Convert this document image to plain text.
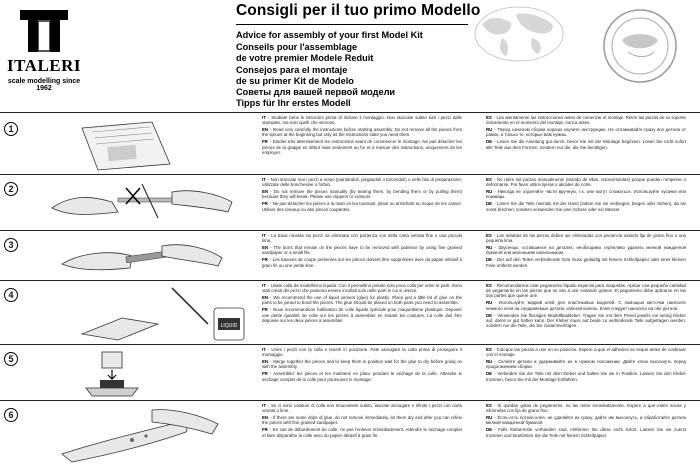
ITALERI
scale modelling since 1962
Consigli per il tuo primo Modello
Advice for assembly of your first Model Kit
Conseils pour l'assemblage
de votre premier Modele Reduit
Consejos para el montaje
de su primer Kit de Modelo
Советы для вашей первой модели
Tipps für Ihr erstes Modell
1
IT - Studiate bene le istruzioni prima di iniziare il montaggio. Non staccate subito tutti i pezzi dalle stampate, ma solo quelli che servono.
EN - Read very carefully the instructions before starting assembly. Do not remove all the pieces from the sprues at the beginning but only as the instructions state you need them.
FR - Etudier très attentivement les instructions avant de commencer le montage. Ne pas détacher les pièces de la grappe en début mais seulement au fur et à mesure des instructions, uniquement de les employer.
ES - Lea atentamente las instrucciones antes de comenzar el montaje. Retire las piezas de su soporte únicamente en el momento del montaje, nunca antes.
RU - Перед началом сборки хорошо изучите инструкцию. Не отламывайте сразу все детали от рамок, а только те, которые вам нужны.
DE - Lesen Sie die Anleitung gut durch, bevor Sie mit der Montage beginnen. Lösen Sie nicht sofort alle Teile aus dem Formen, sondern nur die, die Sie benötigen.
2
IT - Non staccate mai i pezzi a mano (piantandoli, piegandoli o torcendoli) o nelle fasi di preparazione; utilizzate delle tronchesine o forbici.
EN - Do not remove the pieces manually (by tearing them, by bending them or by pulling them) because they will break. Please use clippers or scissors.
FR - Ne pas détacher les pièces à la main en les tournant, pliant ou arrachant au risque de les casser. Utiliser des ciseaux ou des pinces coupantes.
ES - No retire las piezas manualmente (tirando de ellas, retorciéndolas) porque pueden romperse o deformarse. Por favor utilice tijeras o alicates de corte.
RU - Никогда не отделяйте части вручную, т.к. они могут сломаться. Используйте кусачки или ножницы.
DE - Lösen Sie die Teile niemals mit der Hand (indem Sie sie verbiegen, biegen oder ziehen), da sie sonst brechen; sondern verwenden Sie eine Schere oder ein Messer.
3
IT - La bava rimasta sui pezzi va eliminata con pazienza con della carta vetrata fine o una piccola lima.
EN - The burrs that remain on the pieces have to be removed with patience by using fine grained sandpaper or a small file.
FR - Les bavures de coupe présentes sur les pièces doivent être supprimées avec du papier abrasif à grain fin ou une petite lime.
ES - Las rebabas de las piezas deben ser eliminadas con paciencia usando lija de grano fino o una pequeña lima.
RU - Заусенцы, оставшиеся на деталях, необходимо терпеливо удалить мелкой наждачной бумагой или маленьким напильником.
DE - Der auf den Teilen verbleibende Grat muss geduldig mit feinem Schleifpapier oder einer kleinen Feile entfernt werden.
4
LIQUID
IT - Usate colla da modellismo liquida. Con il pennellino posato solo poca colla per unire le parti. Sono stati creati dei pezzi che possono essere incollati solo nelle parti in cui si unisce.
EN - We recommend the use of liquid cement (glue) for plastic. Place just a little bit of glue on the parts to be joined to bond the pieces. The glue should be placed on both parts you need to assemble.
FR - Nous recommandons l'utilisation de colle liquide spéciale pour maquettisme plastique. Déposer une petite quantité de colle sur les pièces à assembler en évitant les coulures. La colle doit être déposée sur les deux pièces à assembler.
ES - Recomendamos usar pegamento líquido especial para maquetas. Aplicar una pequeña cantidad de pegamento en las piezas que se van a unir evitando goteos. El pegamento debe aplicarse en las dos partes que quiere unir.
RU - Используйте жидкий клей для пластиковых моделей. С помощью кисточки нанесите немного клея на соединяемые детали, избегая капель. Клей следует наносить на обе детали.
DE - Verwenden Sie flüssigen Modellbaukleber. Tragen Sie mit dem Pinsel jeweils nur wenig Kleber auf, damit er gut haften kann. Der Kleber muss auf beide zu verbindende Teile aufgetragen werden, sondern nur die Teile, die Sie zusammenfügen.
5
IT - Unire i pezzi con la colla e tenerli in posizione. Fate asciugare la colla prima di proseguire il montaggio.
EN - Merge together the pieces and to keep them in position wait for the glue to dry before going on with the assembly.
FR - Assemblez les pièces et les maintenir en place pendant le séchage de la colle. Attendre le séchage complet de la colle pour poursuivre le montage.
ES - Coloque las piezas a unir en su posición. Espere a que el adhesivo se seque antes de continuar con el montaje.
RU - Склейте детали и удерживайте их в нужном положении. Дайте клею высохнуть перед продолжением сборки.
DE - Verbinden Sie die Teile mit dem Kleber und halten Sie sie in Position. Lassen Sie den Kleber trocknen, bevor Sie mit der Montage fortfahren.
6
IT - Se ci sono colature di colla non rimuovetele subito, lasciate asciugare e rifinite i pezzi con carta vetrata o lime.
EN - If there are some drips of glue, do not remove immediately, let them dry and after you can refine the pieces with fine grained sandpaper.
FR - En cas de débordement de colle, ne pas l'enlever immédiatement. Attendre le séchage complet et faire disparaître la colle avec du papier abrasif à grain fin.
ES - Si quedan gotas de pegamento, no las retire inmediatamente. Espere a que estén secas y elimínelas con lija de grano fino.
RU - Если есть потеки клея, не удаляйте их сразу, дайте им высохнуть, а обработайте детали мелкой наждачной бумагой.
DE - Falls Kleberreste vorhanden sind, entfernen Sie diese nicht sofort. Lassen Sie sie zuerst trocknen und bearbeiten Sie die Teile mit feinem Schleifpapier.
